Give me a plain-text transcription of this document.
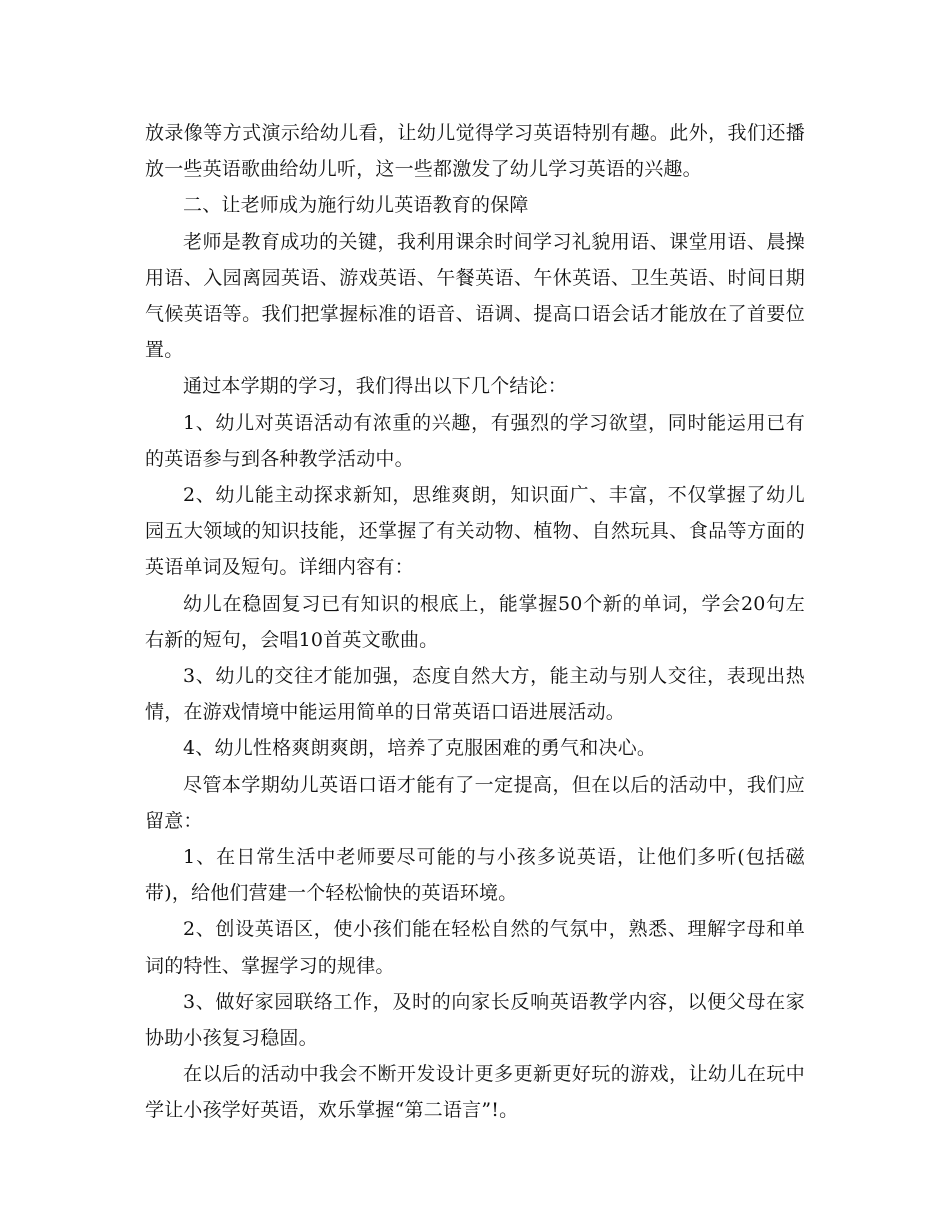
放录像等方式演示给幼儿看，让幼儿觉得学习英语特别有趣。此外，我们还播放一些英语歌曲给幼儿听，这一些都激发了幼儿学习英语的兴趣。

二、让老师成为施行幼儿英语教育的保障

老师是教育成功的关键，我利用课余时间学习礼貌用语、课堂用语、晨操用语、入园离园英语、游戏英语、午餐英语、午休英语、卫生英语、时间日期气候英语等。我们把掌握标准的语音、语调、提高口语会话才能放在了首要位置。

通过本学期的学习，我们得出以下几个结论：

1、幼儿对英语活动有浓重的兴趣，有强烈的学习欲望，同时能运用已有的英语参与到各种教学活动中。

2、幼儿能主动探求新知，思维爽朗，知识面广、丰富，不仅掌握了幼儿园五大领域的知识技能，还掌握了有关动物、植物、自然玩具、食品等方面的英语单词及短句。详细内容有：

幼儿在稳固复习已有知识的根底上，能掌握50个新的单词，学会20句左右新的短句，会唱10首英文歌曲。

3、幼儿的交往才能加强，态度自然大方，能主动与别人交往，表现出热情，在游戏情境中能运用简单的日常英语口语进展活动。

4、幼儿性格爽朗爽朗，培养了克服困难的勇气和决心。

尽管本学期幼儿英语口语才能有了一定提高，但在以后的活动中，我们应留意：

1、在日常生活中老师要尽可能的与小孩多说英语，让他们多听(包括磁带)，给他们营建一个轻松愉快的英语环境。

2、创设英语区，使小孩们能在轻松自然的气氛中，熟悉、理解字母和单词的特性、掌握学习的规律。

3、做好家园联络工作，及时的向家长反响英语教学内容，以便父母在家协助小孩复习稳固。

在以后的活动中我会不断开发设计更多更新更好玩的游戏，让幼儿在玩中学让小孩学好英语，欢乐掌握“第二语言”!。
